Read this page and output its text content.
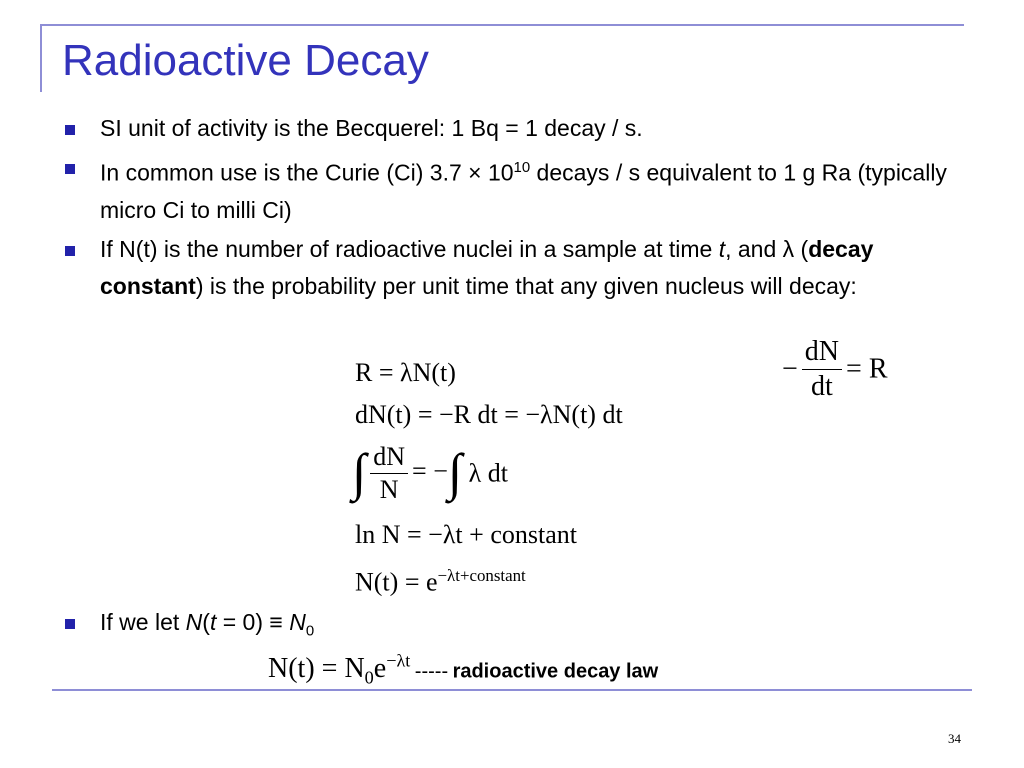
Radioactive Decay
SI unit of activity is the Becquerel: 1 Bq = 1 decay / s.
In common use is the Curie (Ci) $3.7 \times 10^{10}$ decays / s equivalent to 1 g Ra (typically micro Ci to milli Ci)
If N(t) is the number of radioactive nuclei in a sample at time t, and λ (decay constant) is the probability per unit time that any given nucleus will decay:
R = λN(t)
dN(t) = −R dt = −λN(t) dt
∫ $\frac{dN}{N}$ = −∫ λ dt
ln N = −λt + constant
$N(t) = e^{-\lambda t+constant}$
− $\frac{dN}{dt} = R$
If we let $N(t = 0) \equiv N_0$
$N(t) = N_0e^{-\lambda t}$ ----- radioactive decay law
34
